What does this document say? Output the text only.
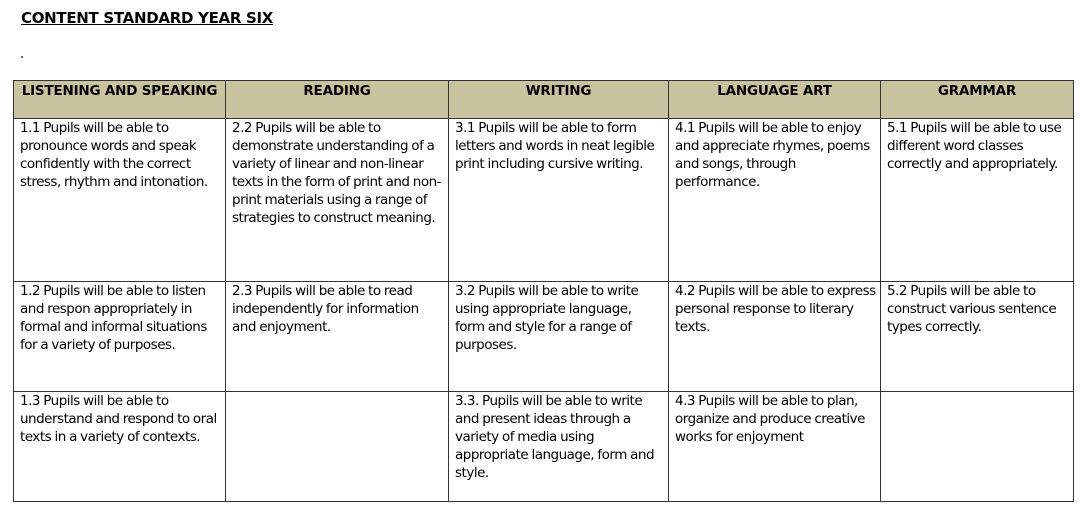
CONTENT STANDARD YEAR SIX
LISTENING AND SPEAKING	READING	WRITING	LANGUAGE ART	GRAMMAR
1.1 Pupils will be able to pronounce words and speak confidently with the correct stress, rhythm and intonation.	2.2 Pupils will be able to demonstrate understanding of a variety of linear and non-linear texts in the form of print and non-print materials using a range of strategies to construct meaning.	3.1 Pupils will be able to form letters and words in neat legible print including cursive writing.	4.1 Pupils will be able to enjoy and appreciate rhymes, poems and songs, through performance.	5.1 Pupils will be able to use different word classes correctly and appropriately.
1.2 Pupils will be able to listen and respon appropriately in formal and informal situations for a variety of purposes.	2.3 Pupils will be able to read independently for information and enjoyment.	3.2 Pupils will be able to write using appropriate language, form and style for a range of purposes.	4.2 Pupils will be able to express personal response to literary texts.	5.2 Pupils will be able to construct various sentence types correctly.
1.3 Pupils will be able to understand and respond to oral texts in a variety of contexts.		3.3. Pupils will be able to write and present ideas through a variety of media using appropriate language, form and style.	4.3 Pupils will be able to plan, organize and produce creative works for enjoyment	
